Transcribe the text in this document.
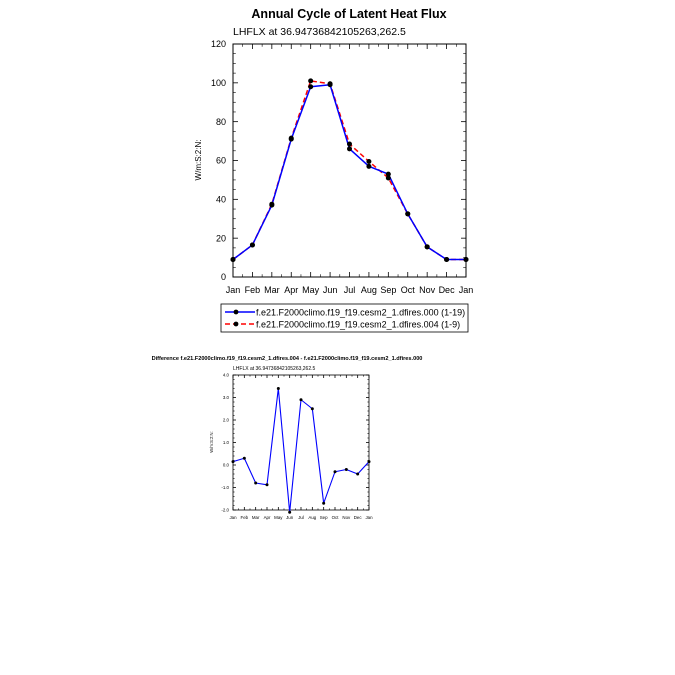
Annual Cycle of Latent Heat Flux
LHFLX at 36.94736842105263,262.5
W/m:S:2:N:
0
20
40
60
80
100
120
Jan Feb Mar Apr May Jun Jul Aug Sep Oct Nov Dec Jan
f.e21.F2000climo.f19_f19.cesm2_1.dfires.000 (1-19)
f.e21.F2000climo.f19_f19.cesm2_1.dfires.004 (1-9)
Difference f.e21.F2000climo.f19_f19.cesm2_1.dfires.004 - f.e21.F2000climo.f19_f19.cesm2_1.dfires.000
LHFLX at 36.94736842105263,262.5
W/m:S:2:N:
-2.0
-1.0
0.0
1.0
2.0
3.0
4.0
Jan Feb Mar Apr May Jun Jul Aug Sep Oct Nov Dec Jan
